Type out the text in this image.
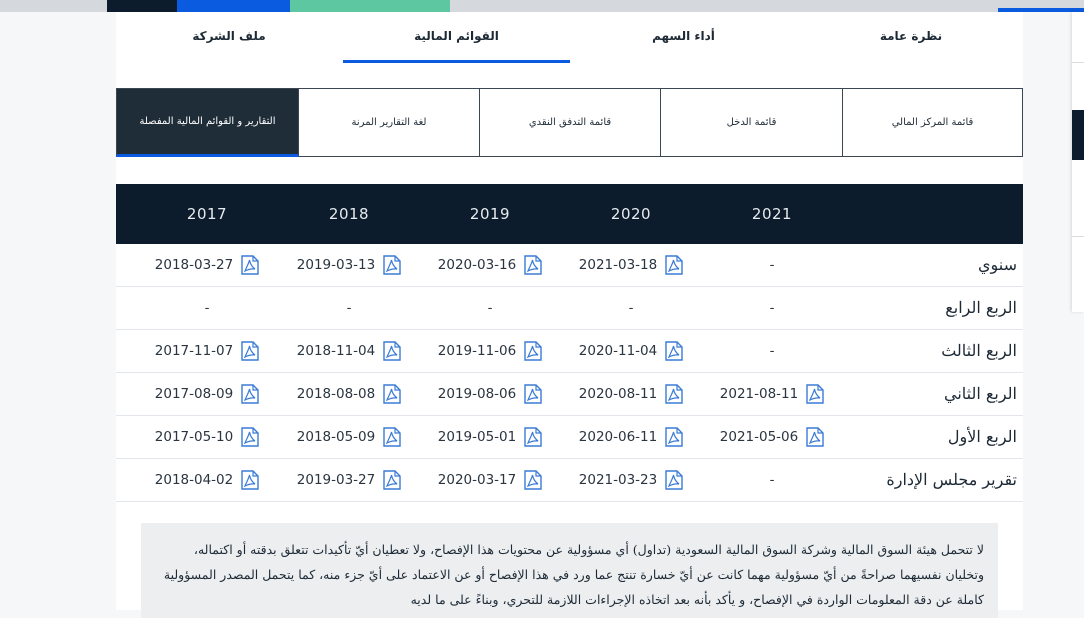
ملف الشركة	القوائم المالية	أداء السهم	نظرة عامة
التقارير و القوائم المالية المفصلة	لغة التقارير المرنة	قائمة التدفق النقدي	قائمة الدخل	قائمة المركز المالي
2017	2018	2019	2020	2021
سنوي
2018-03-27	2019-03-13	2020-03-16	2021-03-18	-
الربع الرابع
-	-	-	-	-
الربع الثالث
2017-11-07	2018-11-04	2019-11-06	2020-11-04	-
الربع الثاني
2017-08-09	2018-08-08	2019-08-06	2020-08-11	2021-08-11
الربع الأول
2017-05-10	2018-05-09	2019-05-01	2020-06-11	2021-05-06
تقرير مجلس الإدارة
2018-04-02	2019-03-27	2020-03-17	2021-03-23	-

لا تتحمل هيئة السوق المالية وشركة السوق المالية السعودية (تداول) أي مسؤولية عن محتويات هذا الإفصاح، ولا تعطيان أيّ تأكيدات تتعلق بدقته أو اكتماله، وتخليان نفسيهما صراحةً من أيّ مسؤولية مهما كانت عن أيّ خسارة تنتج عما ورد في هذا الإفصاح أو عن الاعتماد على أيّ جزء منه، كما يتحمل المصدر المسؤولية كاملة عن دقة المعلومات الواردة في الإفصاح، و يأكد بأنه بعد اتخاذه الإجراءات اللازمة للتحري، وبناءً على ما لديه
